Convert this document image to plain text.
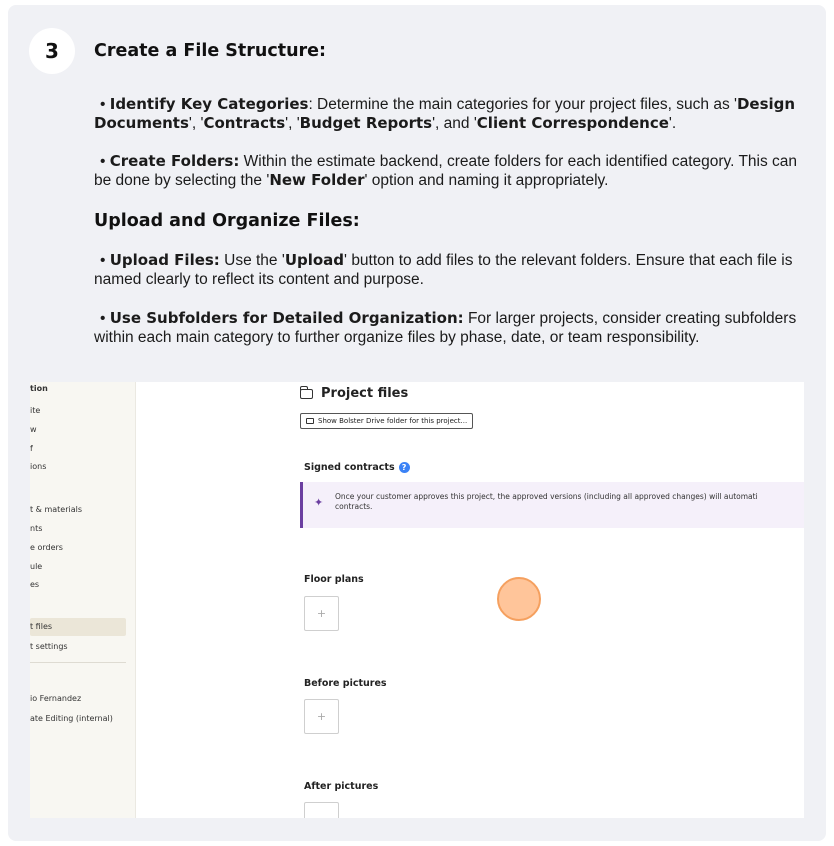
3	Create a File Structure:
• Identify Key Categories: Determine the main categories for your project files, such as 'Design Documents', 'Contracts', 'Budget Reports', and 'Client Correspondence'.
• Create Folders: Within the estimate backend, create folders for each identified category. This can be done by selecting the 'New Folder' option and naming it appropriately.
Upload and Organize Files:
• Upload Files: Use the 'Upload' button to add files to the relevant folders. Ensure that each file is named clearly to reflect its content and purpose.
• Use Subfolders for Detailed Organization: For larger projects, consider creating subfolders within each main category to further organize files by phase, date, or team responsibility.
tion
ite
w
f
ions
t & materials
nts
e orders
ule
es
t files
t settings
io Fernandez
ate Editing (internal)
Project files
Show Bolster Drive folder for this project...
Signed contracts ?
✦ Once your customer approves this project, the approved versions (including all approved changes) will automati
contracts.
Floor plans
+
Before pictures
+
After pictures
